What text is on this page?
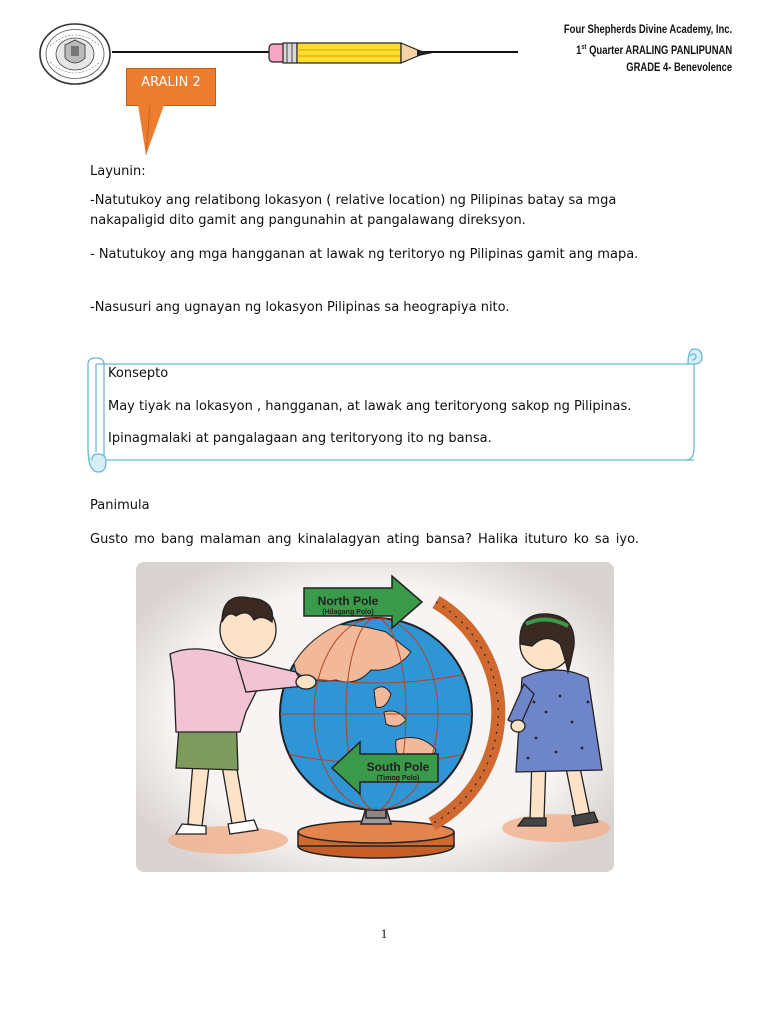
Four Shepherds Divine Academy, Inc.
1st Quarter ARALING PANLIPUNAN
GRADE 4- Benevolence
ARALIN 2
Layunin:
-Natutukoy ang relatibong lokasyon ( relative location) ng Pilipinas batay sa mga nakapaligid dito gamit ang pangunahin at pangalawang direksyon.
- Natutukoy ang mga hangganan at lawak ng teritoryo ng Pilipinas gamit ang mapa.
-Nasusuri ang ugnayan ng lokasyon Pilipinas sa heograpiya nito.
Konsepto
May tiyak na lokasyon , hangganan, at lawak ang teritoryong sakop ng Pilipinas.
Ipinagmalaki at pangalagaan ang teritoryong ito ng bansa.
Panimula
Gusto mo bang malaman ang kinalalagyan ating bansa? Halika ituturo ko sa iyo.
North Pole
(Hilagang Polo)
South Pole
(Timog Polo)
1
